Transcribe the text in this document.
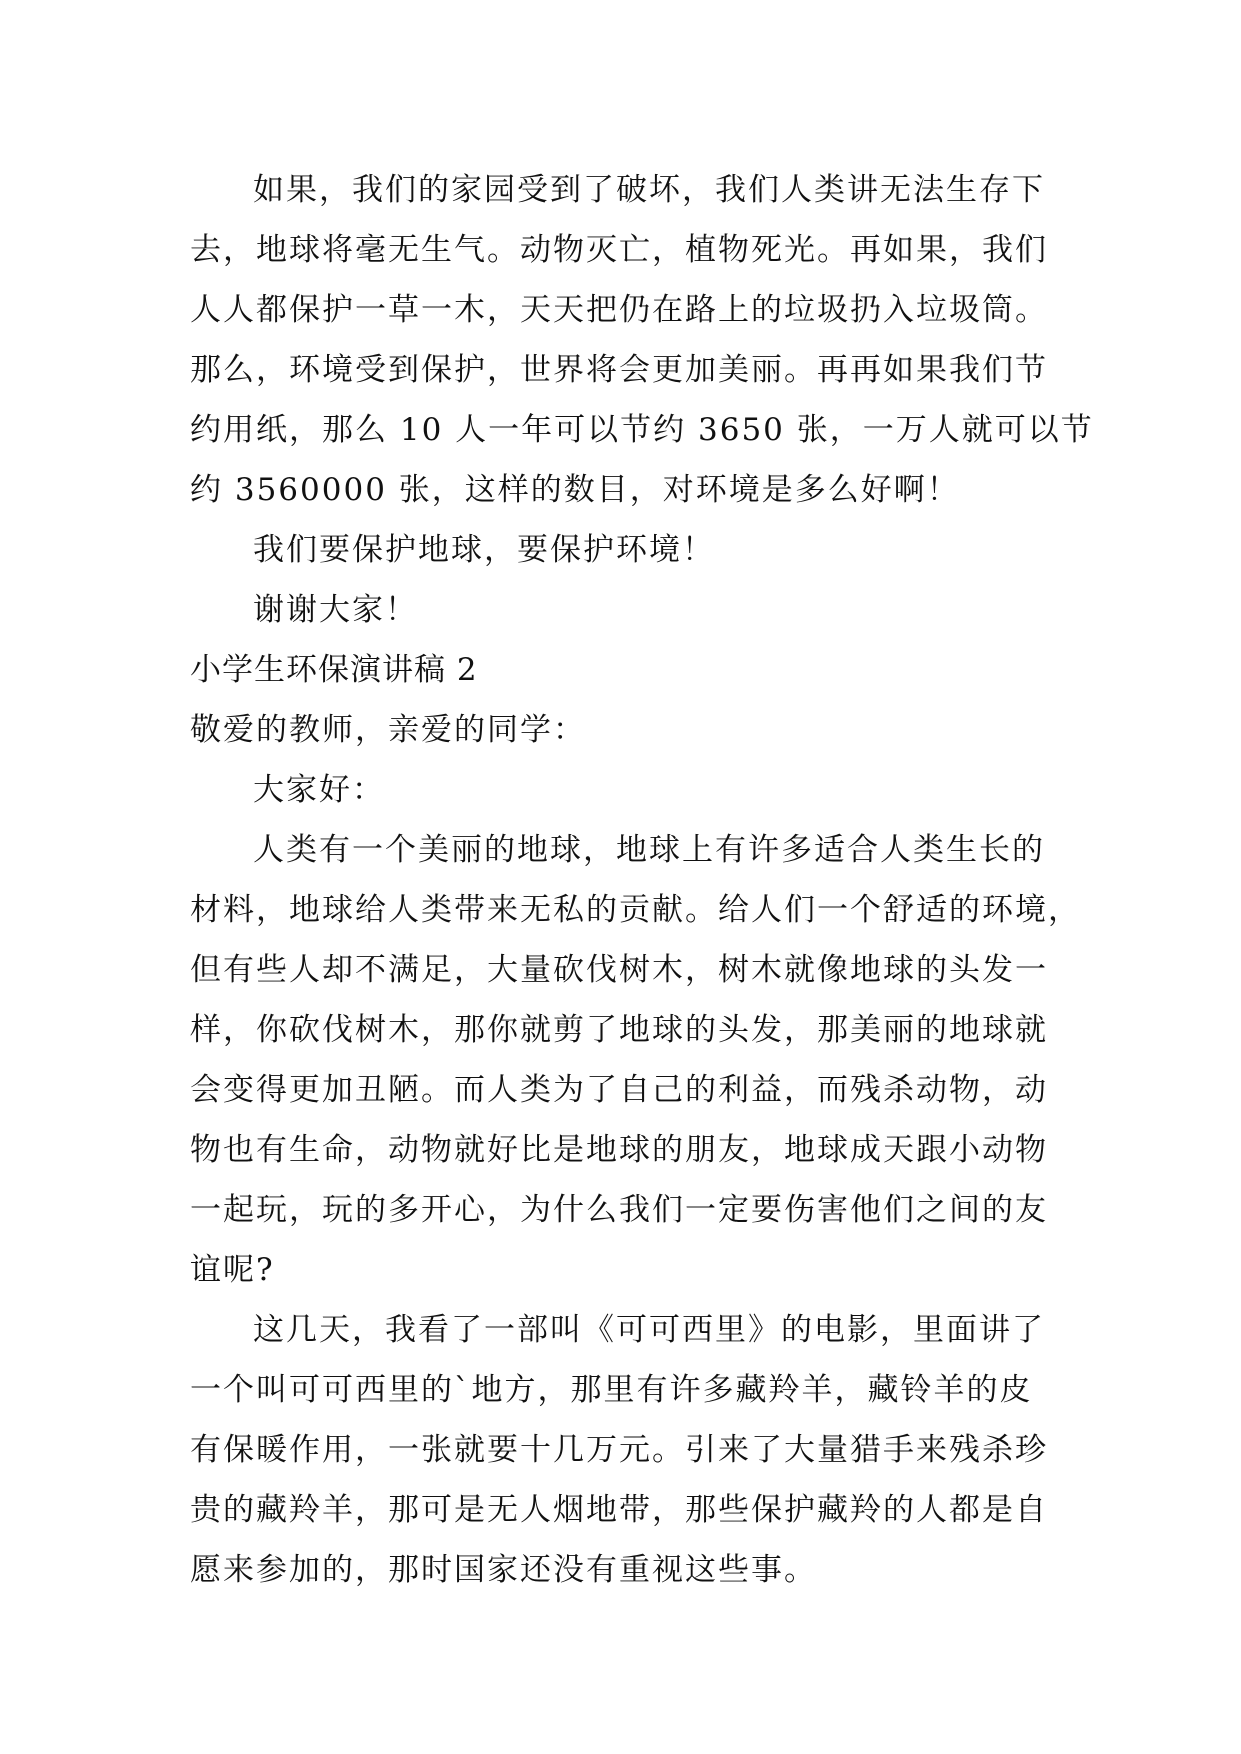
如果，我们的家园受到了破坏，我们人类讲无法生存下
去，地球将毫无生气。动物灭亡，植物死光。再如果，我们
人人都保护一草一木，天天把仍在路上的垃圾扔入垃圾筒。
那么，环境受到保护，世界将会更加美丽。再再如果我们节
约用纸，那么 10 人一年可以节约 3650 张，一万人就可以节
约 3560000 张，这样的数目，对环境是多么好啊！
我们要保护地球，要保护环境！
谢谢大家！
小学生环保演讲稿 2
敬爱的教师，亲爱的同学：
大家好：
人类有一个美丽的地球，地球上有许多适合人类生长的
材料，地球给人类带来无私的贡献。给人们一个舒适的环境，
但有些人却不满足，大量砍伐树木，树木就像地球的头发一
样，你砍伐树木，那你就剪了地球的头发，那美丽的地球就
会变得更加丑陋。而人类为了自己的利益，而残杀动物，动
物也有生命，动物就好比是地球的朋友，地球成天跟小动物
一起玩，玩的多开心，为什么我们一定要伤害他们之间的友
谊呢?
这几天，我看了一部叫《可可西里》的电影，里面讲了
一个叫可可西里的`地方，那里有许多藏羚羊，藏铃羊的皮
有保暖作用，一张就要十几万元。引来了大量猎手来残杀珍
贵的藏羚羊，那可是无人烟地带，那些保护藏羚的人都是自
愿来参加的，那时国家还没有重视这些事。
